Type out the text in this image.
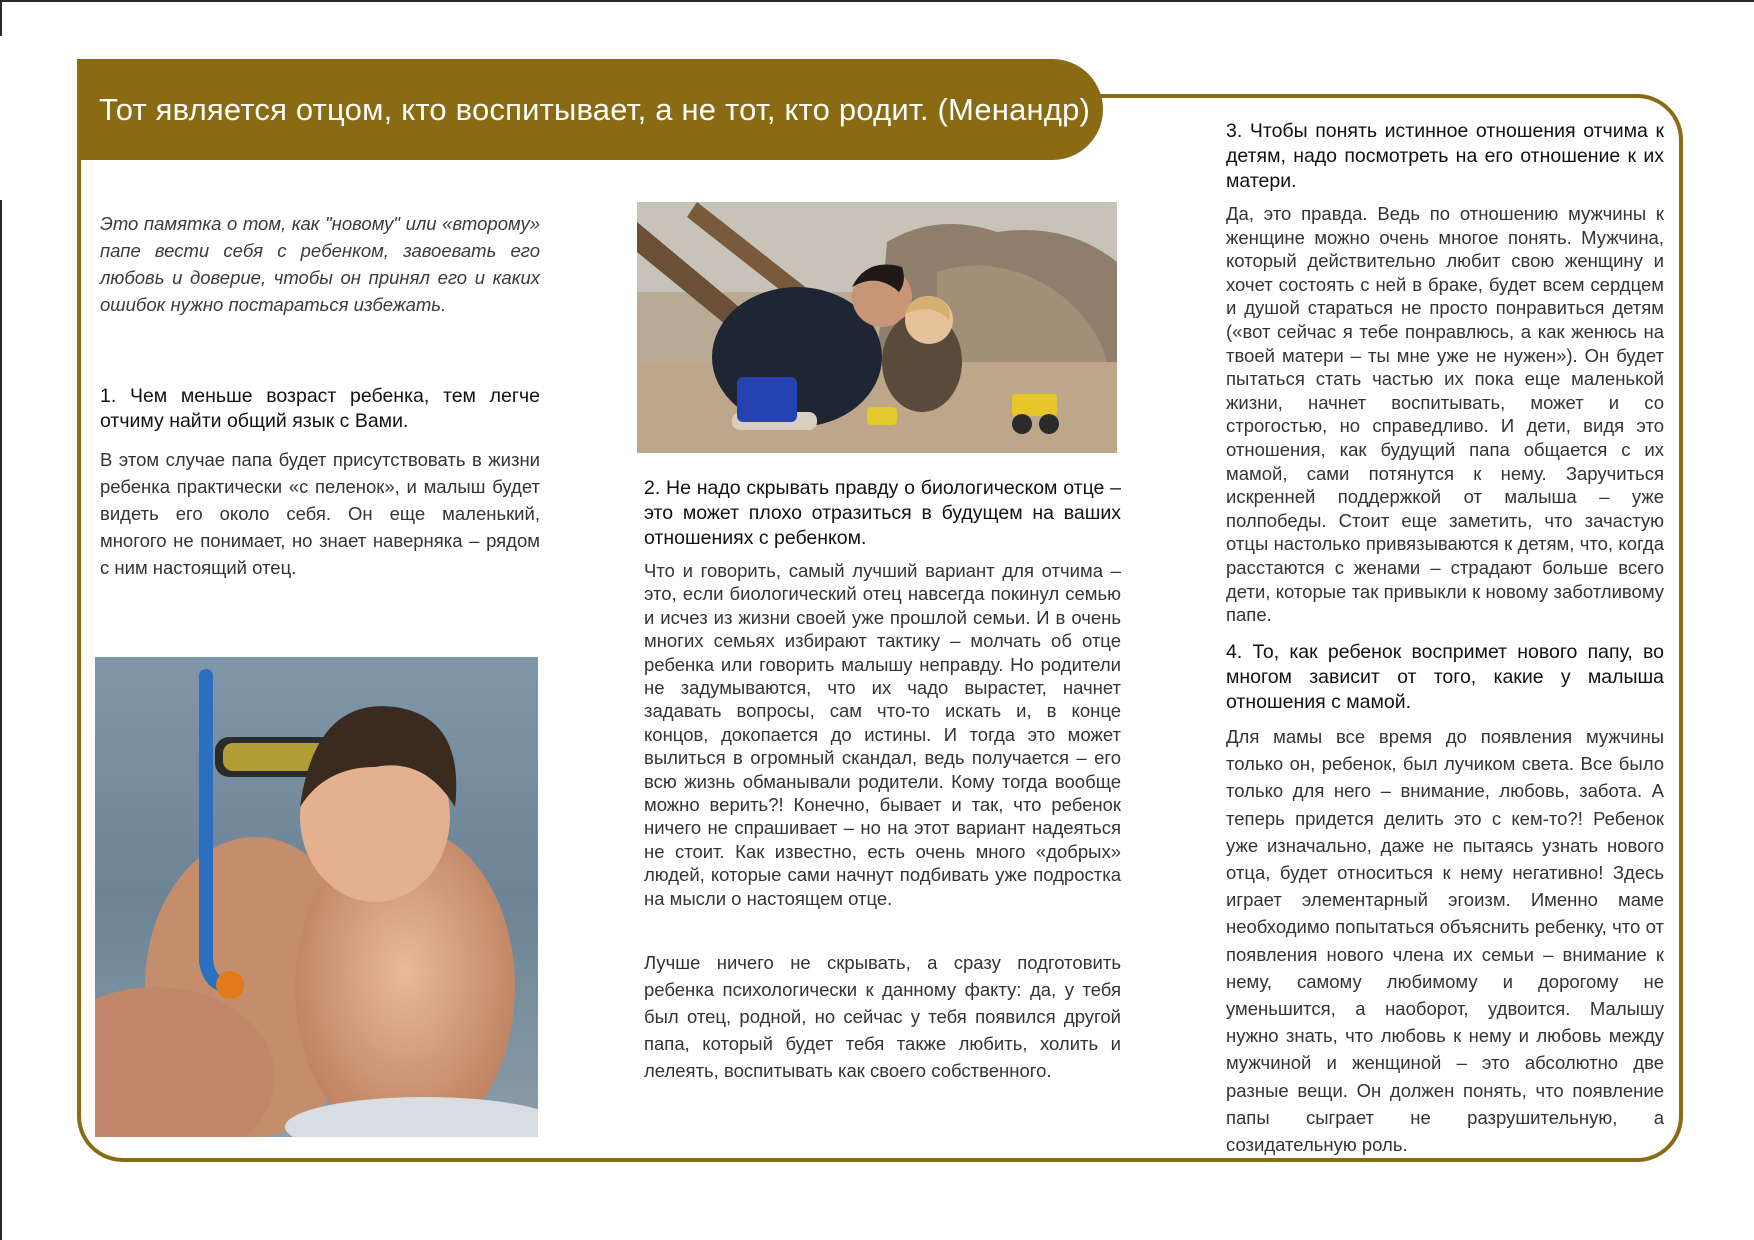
Тот является отцом, кто воспитывает, а не тот, кто родит. (Менандр)
Это памятка о том, как "новому" или «второму» папе вести себя с ребенком, завоевать его любовь и доверие, чтобы он принял его и каких ошибок нужно постараться избежать.
1. Чем меньше возраст ребенка, тем легче отчиму найти общий язык с Вами.
В этом случае папа будет присутствовать в жизни ребенка практически «с пеленок», и малыш будет видеть его около себя. Он еще маленький, многого не понимает, но знает наверняка – рядом с ним настоящий отец.
2. Не надо скрывать правду о биологическом отце – это может плохо отразиться в будущем на ваших отношениях с ребенком.
Что и говорить, самый лучший вариант для отчима – это, если биологический отец навсегда покинул семью и исчез из жизни своей уже прошлой семьи. И в очень многих семьях избирают тактику – молчать об отце ребенка или говорить малышу неправду. Но родители не задумываются, что их чадо вырастет, начнет задавать вопросы, сам что-то искать и, в конце концов, докопается до истины. И тогда это может вылиться в огромный скандал, ведь получается – его всю жизнь обманывали родители. Кому тогда вообще можно верить?! Конечно, бывает и так, что ребенок ничего не спрашивает – но на этот вариант надеяться не стоит. Как известно, есть очень много «добрых» людей, которые сами начнут подбивать уже подростка на мысли о настоящем отце.
Лучше ничего не скрывать, а сразу подготовить ребенка психологически к данному факту: да, у тебя был отец, родной, но сейчас у тебя появился другой папа, который будет тебя также любить, холить и лелеять, воспитывать как своего собственного.
3. Чтобы понять истинное отношения отчима к детям, надо посмотреть на его отношение к их матери.
Да, это правда. Ведь по отношению мужчины к женщине можно очень многое понять. Мужчина, который действительно любит свою женщину и хочет состоять с ней в браке, будет всем сердцем и душой стараться не просто понравиться детям («вот сейчас я тебе понравлюсь, а как женюсь на твоей матери – ты мне уже не нужен»). Он будет пытаться стать частью их пока еще маленькой жизни, начнет воспитывать, может и со строгостью, но справедливо. И дети, видя это отношения, как будущий папа общается с их мамой, сами потянутся к нему. Заручиться искренней поддержкой от малыша – уже полпобеды. Стоит еще заметить, что зачастую отцы настолько привязываются к детям, что, когда расстаются с женами – страдают больше всего дети, которые так привыкли к новому заботливому папе.
4. То, как ребенок воспримет нового папу, во многом зависит от того, какие у малыша отношения с мамой.
Для мамы все время до появления мужчины только он, ребенок, был лучиком света. Все было только для него – внимание, любовь, забота. А теперь придется делить это с кем-то?! Ребенок уже изначально, даже не пытаясь узнать нового отца, будет относиться к нему негативно! Здесь играет элементарный эгоизм. Именно маме необходимо попытаться объяснить ребенку, что от появления нового члена их семьи – внимание к нему, самому любимому и дорогому не уменьшится, а наоборот, удвоится. Малышу нужно знать, что любовь к нему и любовь между мужчиной и женщиной – это абсолютно две разные вещи. Он должен понять, что появление папы сыграет не разрушительную, а созидательную роль.
